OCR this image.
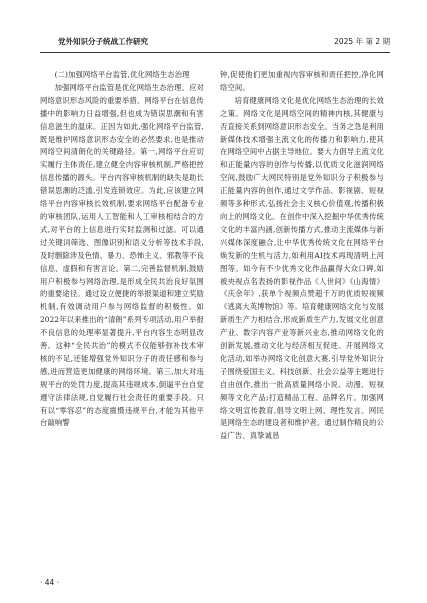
党外知识分子统战工作研究	2025 年 第 2 期

(二)加强网络平台监管,优化网络生态治理

加强网络平台监管是优化网络生态治理、应对网络意识形态风险的重要举措。网络平台在信息传播中的影响力日益增强,但也成为错误思潮和有害信息滋生的温床。正因为如此,强化网络平台监管,既是维护网络意识形态安全的必然要求,也是推动网络空间清朗化的关键路径。第一,网络平台应切实履行主体责任,建立健全内容审核机制,严格把控信息传播的源头。平台内容审核机制的缺失是助长错误思潮的泛滥,引发连锁效应。为此,应该建立网络平台内容审核长效机制,要求网络平台配备专业的审核团队,运用人工智能和人工审核相结合的方式,对平台的上信息进行实时监测和过滤。可以通过关键词筛选、图像识别和语义分析等技术手段,及时删除涉及色情、暴力、恐怖主义、邪教等不良信息、虚假和有害言论。第二,完善监督机制,鼓励用户积极参与网络治理,是形成全民共治良好氛围的重要途径。通过设立便捷的举报渠道和建立奖励机制,有效调动用户参与网络监督的积极性。如2022年以来推出的“清朗”系列专项活动,用户举报不良信息的处理率显著提升,平台内容生态明显改善。这种“全民共治”的模式不仅能够弥补技术审核的不足,还能增强党外知识分子的责任感和参与感,进而营造更加健康的网络环境。第三,加大对违规平台的处罚力度,提高其违规成本,倒逼平台自觉遵守法律法规,自觉履行社会责任的重要手段。只有以“零容忍”的态度震慑违规平台,才能为其他平台敲响警

钟,促使他们更加重视内容审核和责任把控,净化网络空间。

培育健康网络文化是优化网络生态治理的长效之策。网络文化是网络空间的精神内核,其健康与否直接关系到网络意识形态安全。当务之急是利用新媒体技术增强主流文化的传播力和影响力,使其在网络空间中占据主导地位。要大力倡导主流文化和正能量内容的创作与传播,以优质文化滋润网络空间,鼓励广大网民特别是党外知识分子积极参与正能量内容的创作,通过文学作品、影视剧、短视频等多种形式,弘扬社会主义核心价值观,传播积极向上的网络文化。在创作中深入挖掘中华优秀传统文化的丰富内涵,创新传播方式,推动主流媒体与新兴媒体深度融合,让中华优秀传统文化在网络平台焕发新的生机与活力,如利用AI技术再现清明上河图等。如今有不少优秀文化作品赢得大众口碑,如被央视点名表扬的影视作品《人世间》《山海情》《庆余年》,获单个视频点赞超千万的优质短视频《逃离大英博物馆》等。培育健康网络文化与发展新质生产力相结合,形成新质生产力,发展文化创意产业、数字内容产业等新兴业态,推动网络文化的创新发展,推动文化与经济相互促进。开展网络文化活动,如举办网络文化创意大赛,引导党外知识分子围绕爱国主义、科技创新、社会公益等主题进行自由创作,推出一批高质量网络小说、动漫、短视频等文化产品;打造精品工程、品牌名片。加强网络文明宣传教育,倡导文明上网、理性发言。网民是网络生态的建设者和维护者。通过制作精良的公益广告、真挚诚恳

· 44 ·
